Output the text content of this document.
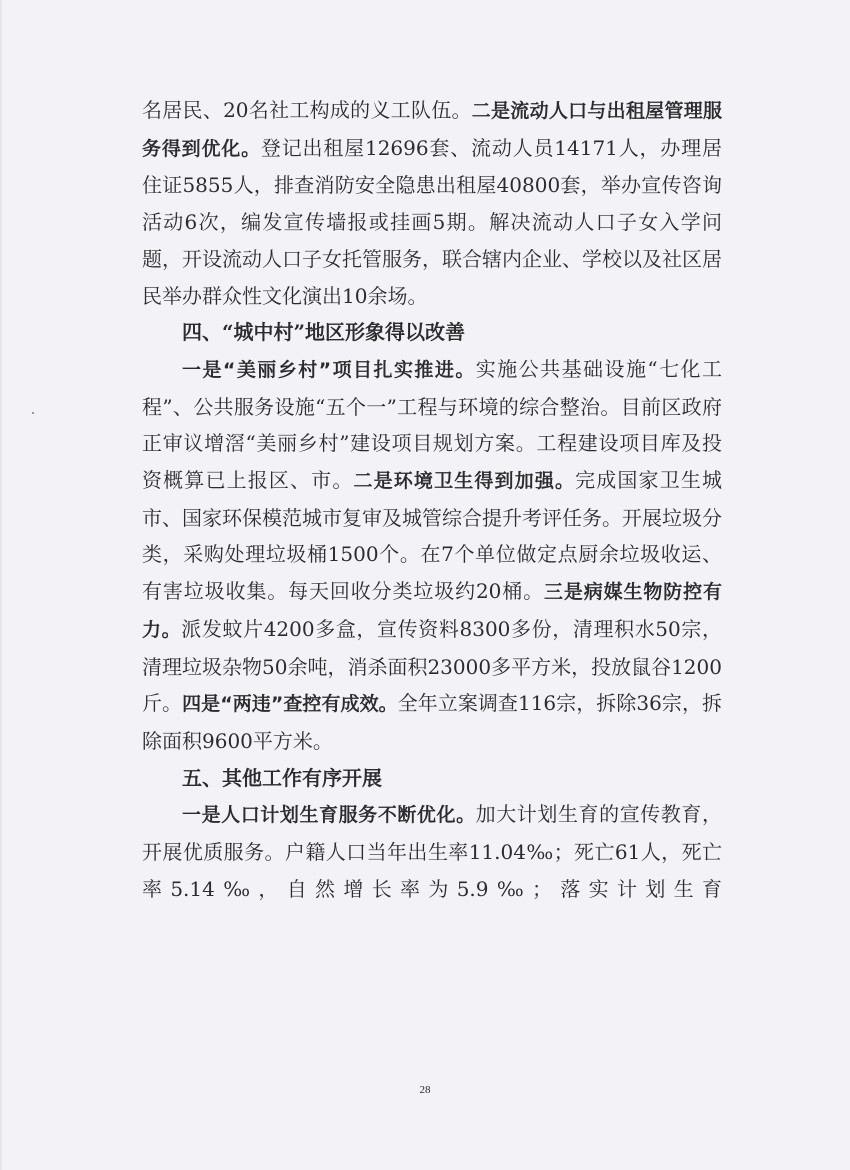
名居民、20名社工构成的义工队伍。二是流动人口与出租屋管理服务得到优化。登记出租屋12696套、流动人员14171人，办理居住证5855人，排查消防安全隐患出租屋40800套，举办宣传咨询活动6次，编发宣传墙报或挂画5期。解决流动人口子女入学问题，开设流动人口子女托管服务，联合辖内企业、学校以及社区居民举办群众性文化演出10余场。

四、“城中村”地区形象得以改善

一是“美丽乡村”项目扎实推进。实施公共基础设施“七化工程”、公共服务设施“五个一”工程与环境的综合整治。目前区政府正审议增滘“美丽乡村”建设项目规划方案。工程建设项目库及投资概算已上报区、市。二是环境卫生得到加强。完成国家卫生城市、国家环保模范城市复审及城管综合提升考评任务。开展垃圾分类，采购处理垃圾桶1500个。在7个单位做定点厨余垃圾收运、有害垃圾收集。每天回收分类垃圾约20桶。三是病媒生物防控有力。派发蚊片4200多盒，宣传资料8300多份，清理积水50宗，清理垃圾杂物50余吨，消杀面积23000多平方米，投放鼠谷1200斤。四是“两违”查控有成效。全年立案调查116宗，拆除36宗，拆除面积9600平方米。

五、其他工作有序开展

一是人口计划生育服务不断优化。加大计划生育的宣传教育，开展优质服务。户籍人口当年出生率11.04‰；死亡61人，死亡率5.14‰，自然增长率为5.9‰；落实计划生育

28
